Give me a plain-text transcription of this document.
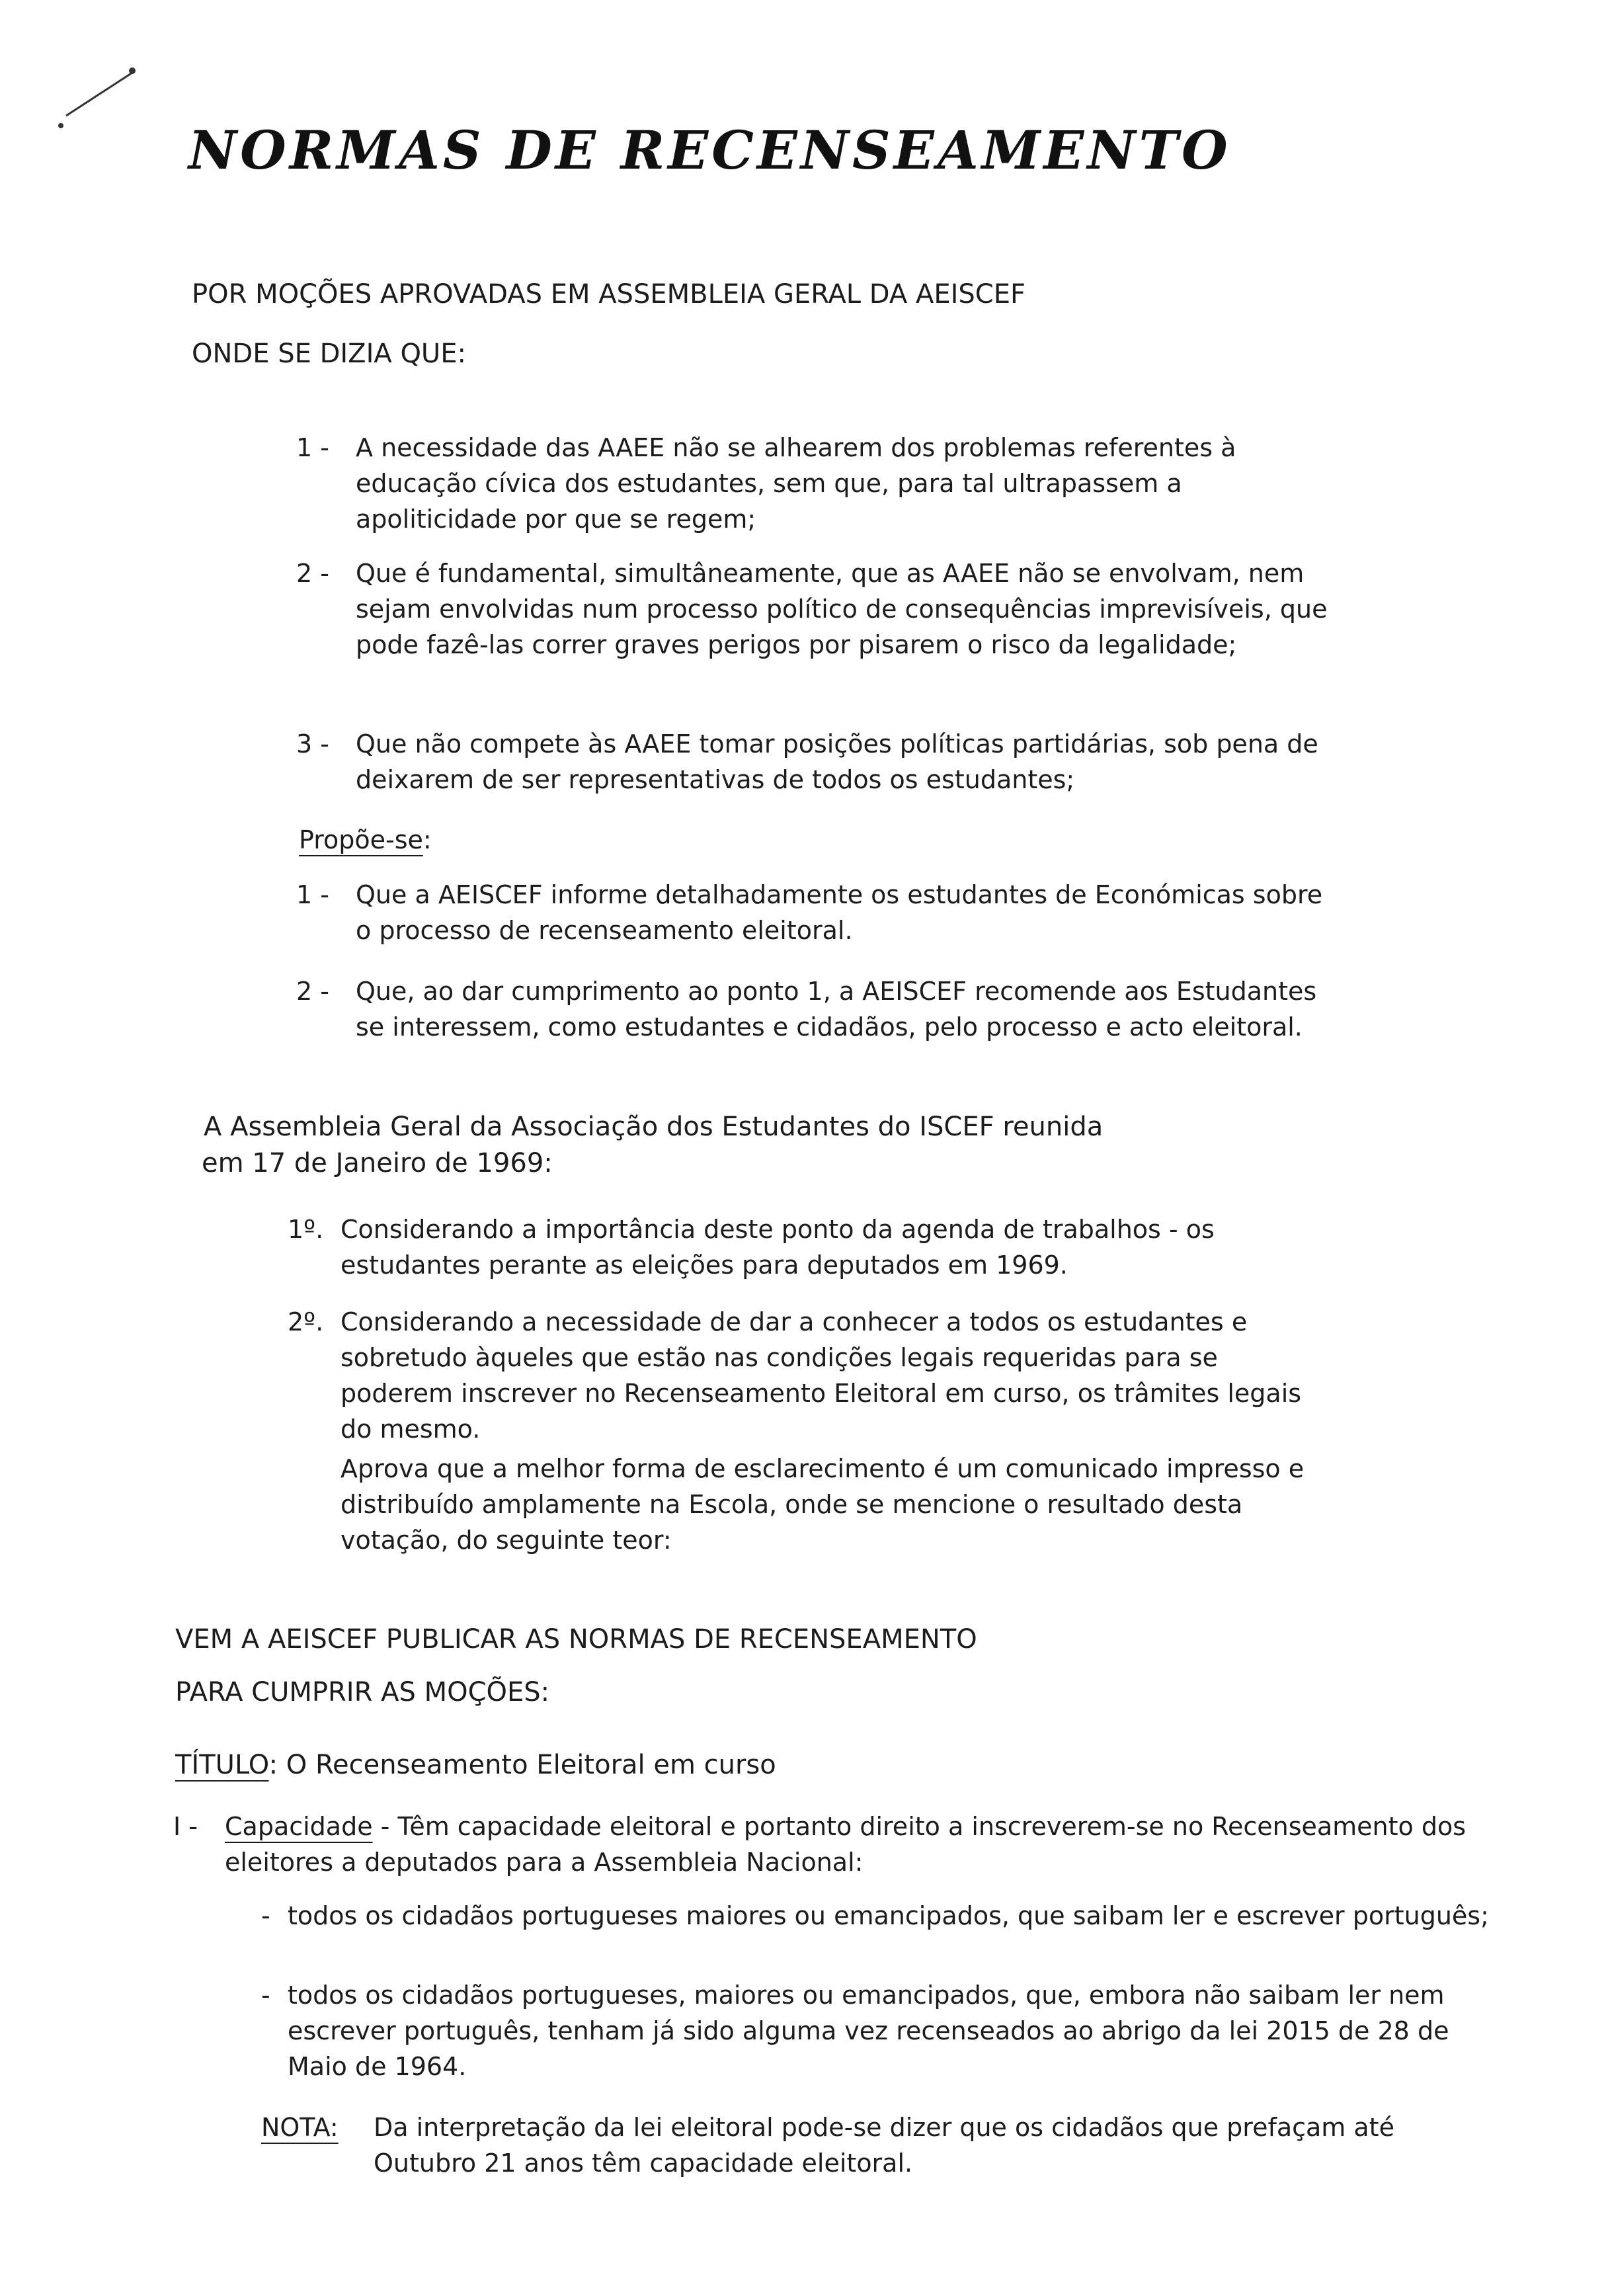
NORMAS DE RECENSEAMENTO
POR MOÇÕES APROVADAS EM ASSEMBLEIA GERAL DA AEISCEF
ONDE SE DIZIA QUE:
1 - A necessidade das AAEE não se alhearem dos problemas referentes à educação cívica dos estudantes, sem que, para tal ultrapassem a apoliticidade por que se regem;
2 - Que é fundamental, simultâneamente, que as AAEE não se envolvam, nem sejam envolvidas num processo político de consequências imprevisíveis, que pode fazê-las correr graves perigos por pisarem o risco da legalidade;
3 - Que não compete às AAEE tomar posições políticas partidárias, sob pena de deixarem de ser representativas de todos os estudantes;
Propõe-se:
1 - Que a AEISCEF informe detalhadamente os estudantes de Económicas sobre o processo de recenseamento eleitoral.
2 - Que, ao dar cumprimento ao ponto 1, a AEISCEF recomende aos Estudantes se interessem, como estudantes e cidadãos, pelo processo e acto eleitoral.
A Assembleia Geral da Associação dos Estudantes do ISCEF reunida
em 17 de Janeiro de 1969:
1º. Considerando a importância deste ponto da agenda de trabalhos - os estudantes perante as eleições para deputados em 1969.
2º. Considerando a necessidade de dar a conhecer a todos os estudantes e sobretudo àqueles que estão nas condições legais requeridas para se poderem inscrever no Recenseamento Eleitoral em curso, os trâmites legais do mesmo.
Aprova que a melhor forma de esclarecimento é um comunicado impresso e distribuído amplamente na Escola, onde se mencione o resultado desta votação, do seguinte teor:
VEM A AEISCEF PUBLICAR AS NORMAS DE RECENSEAMENTO
PARA CUMPRIR AS MOÇÕES:
TÍTULO: O Recenseamento Eleitoral em curso
I - Capacidade - Têm capacidade eleitoral e portanto direito a inscreverem-se no Recenseamento dos eleitores a deputados para a Assembleia Nacional:
- todos os cidadãos portugueses maiores ou emancipados, que saibam ler e escrever português;
- todos os cidadãos portugueses, maiores ou emancipados, que, embora não saibam ler nem escrever português, tenham já sido alguma vez recenseados ao abrigo da lei 2015 de 28 de Maio de 1964.
NOTA: Da interpretação da lei eleitoral pode-se dizer que os cidadãos que prefaçam até Outubro 21 anos têm capacidade eleitoral.
